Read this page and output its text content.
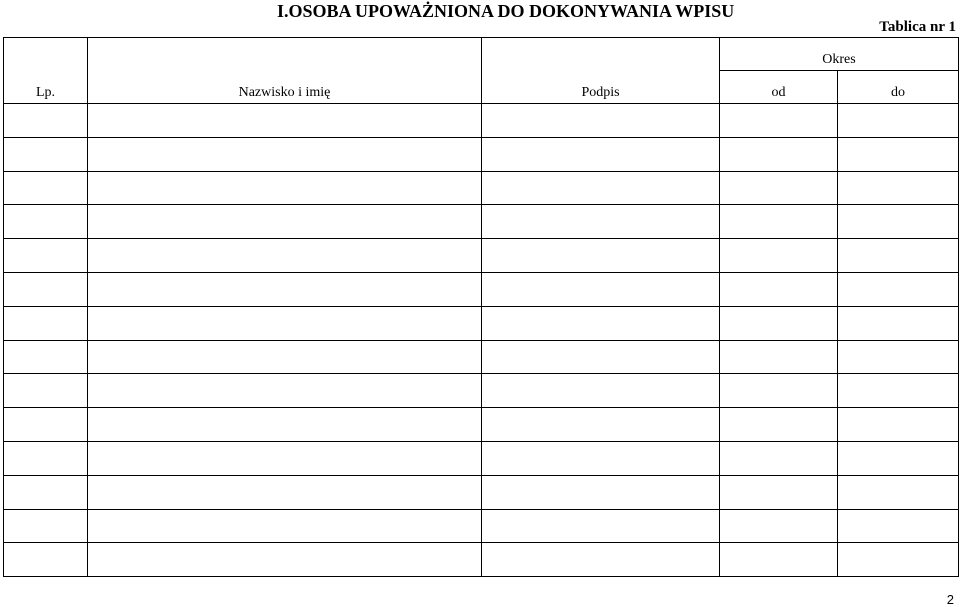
I.OSOBA UPOWAŻNIONA DO DOKONYWANIA WPISU
Tablica nr 1
Lp.	Nazwisko i imię	Podpis	Okres	
			od	do

2
